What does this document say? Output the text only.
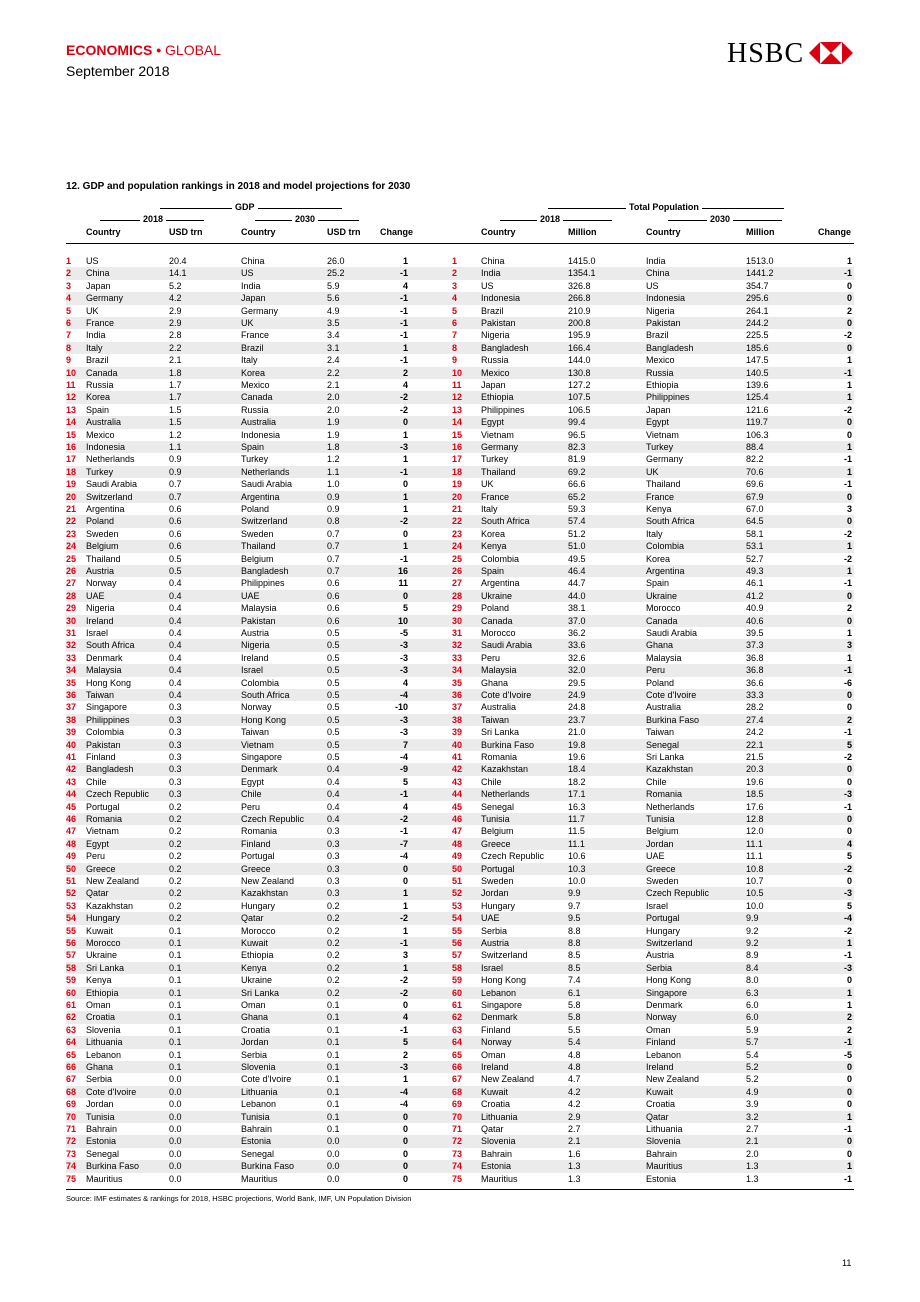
ECONOMICS • GLOBAL
September 2018
HSBC
12. GDP and population rankings in 2018 and model projections for 2030
GDP
2018	2030
Total Population
2018	2030
Country	USD trn	Country	USD trn Change	Country	Million	Country	Million	Change
1 US	20.4	China	26.0	1	1	China	1415.0	India	1513.0	1
2 China	14.1	US	25.2	-1	2	India	1354.1	China	1441.2	-1
3 Japan	5.2	India	5.9	4	3	US	326.8	US	354.7	0
4 Germany	4.2	Japan	5.6	-1	4	Indonesia	266.8	Indonesia	295.6	0
5 UK	2.9	Germany	4.9	-1	5	Brazil	210.9	Nigeria	264.1	2
6 France	2.9	UK	3.5	-1	6	Pakistan	200.8	Pakistan	244.2	0
7 India	2.8	France	3.4	-1	7	Nigeria	195.9	Brazil	225.5	-2
8 Italy	2.2	Brazil	3.1	1	8	Bangladesh	166.4	Bangladesh	185.6	0
9 Brazil	2.1	Italy	2.4	-1	9	Russia	144.0	Mexico	147.5	1
10 Canada	1.8	Korea	2.2	2	10 Mexico	130.8	Russia	140.5	-1
11 Russia	1.7	Mexico	2.1	4	11 Japan	127.2	Ethiopia	139.6	1
12 Korea	1.7	Canada	2.0	-2	12 Ethiopia	107.5	Philippines	125.4	1
13 Spain	1.5	Russia	2.0	-2	13 Philippines	106.5	Japan	121.6	-2
14 Australia	1.5	Australia	1.9	0	14 Egypt	99.4	Egypt	119.7	0
15 Mexico	1.2	Indonesia	1.9	1	15 Vietnam	96.5	Vietnam	106.3	0
16 Indonesia	1.1	Spain	1.8	-3	16 Germany	82.3	Turkey	88.4	1
17 Netherlands	0.9	Turkey	1.2	1	17 Turkey	81.9	Germany	82.2	-1
18 Turkey	0.9	Netherlands	1.1	-1	18 Thailand	69.2	UK	70.6	1
19 Saudi Arabia	0.7	Saudi Arabia	1.0	0	19 UK	66.6	Thailand	69.6	-1
20 Switzerland	0.7	Argentina	0.9	1	20 France	65.2	France	67.9	0
21 Argentina	0.6	Poland	0.9	1	21 Italy	59.3	Kenya	67.0	3
22 Poland	0.6	Switzerland	0.8	-2	22 South Africa	57.4	South Africa	64.5	0
23 Sweden	0.6	Sweden	0.7	0	23 Korea	51.2	Italy	58.1	-2
24 Belgium	0.6	Thailand	0.7	1	24 Kenya	51.0	Colombia	53.1	1
25 Thailand	0.5	Belgium	0.7	-1	25 Colombia	49.5	Korea	52.7	-2
26 Austria	0.5	Bangladesh	0.7	16	26 Spain	46.4	Argentina	49.3	1
27 Norway	0.4	Philippines	0.6	11	27 Argentina	44.7	Spain	46.1	-1
28 UAE	0.4	UAE	0.6	0	28 Ukraine	44.0	Ukraine	41.2	0
29 Nigeria	0.4	Malaysia	0.6	5	29 Poland	38.1	Morocco	40.9	2
30 Ireland	0.4	Pakistan	0.6	10	30 Canada	37.0	Canada	40.6	0
31 Israel	0.4	Austria	0.5	-5	31 Morocco	36.2	Saudi Arabia	39.5	1
32 South Africa	0.4	Nigeria	0.5	-3	32 Saudi Arabia	33.6	Ghana	37.3	3
33 Denmark	0.4	Ireland	0.5	-3	33 Peru	32.6	Malaysia	36.8	1
34 Malaysia	0.4	Israel	0.5	-3	34 Malaysia	32.0	Peru	36.8	-1
35 Hong Kong	0.4	Colombia	0.5	4	35 Ghana	29.5	Poland	36.6	-6
36 Taiwan	0.4	South Africa	0.5	-4	36 Cote d'Ivoire	24.9	Cote d'Ivoire	33.3	0
37 Singapore	0.3	Norway	0.5	-10	37 Australia	24.8	Australia	28.2	0
38 Philippines	0.3	Hong Kong	0.5	-3	38 Taiwan	23.7	Burkina Faso	27.4	2
39 Colombia	0.3	Taiwan	0.5	-3	39 Sri Lanka	21.0	Taiwan	24.2	-1
40 Pakistan	0.3	Vietnam	0.5	7	40 Burkina Faso	19.8	Senegal	22.1	5
41 Finland	0.3	Singapore	0.5	-4	41 Romania	19.6	Sri Lanka	21.5	-2
42 Bangladesh	0.3	Denmark	0.4	-9	42 Kazakhstan	18.4	Kazakhstan	20.3	0
43 Chile	0.3	Egypt	0.4	5	43 Chile	18.2	Chile	19.6	0
44 Czech Republic 0.3	Chile	0.4	-1	44 Netherlands	17.1	Romania	18.5	-3
45 Portugal	0.2	Peru	0.4	4	45 Senegal	16.3	Netherlands	17.6	-1
46 Romania	0.2	Czech Republic	0.4	-2	46 Tunisia	11.7	Tunisia	12.8	0
47 Vietnam	0.2	Romania	0.3	-1	47 Belgium	11.5	Belgium	12.0	0
48 Egypt	0.2	Finland	0.3	-7	48 Greece	11.1	Jordan	11.1	4
49 Peru	0.2	Portugal	0.3	-4	49 Czech Republic	10.6	UAE	11.1	5
50 Greece	0.2	Greece	0.3	0	50 Portugal	10.3	Greece	10.8	-2
51 New Zealand	0.2	New Zealand	0.3	0	51 Sweden	10.0	Sweden	10.7	0
52 Qatar	0.2	Kazakhstan	0.3	1	52 Jordan	9.9	Czech Republic	10.5	-3
53 Kazakhstan	0.2	Hungary	0.2	1	53 Hungary	9.7	Israel	10.0	5
54 Hungary	0.2	Qatar	0.2	-2	54 UAE	9.5	Portugal	9.9	-4
55 Kuwait	0.1	Morocco	0.2	1	55 Serbia	8.8	Hungary	9.2	-2
56 Morocco	0.1	Kuwait	0.2	-1	56 Austria	8.8	Switzerland	9.2	1
57 Ukraine	0.1	Ethiopia	0.2	3	57 Switzerland	8.5	Austria	8.9	-1
58 Sri Lanka	0.1	Kenya	0.2	1	58 Israel	8.5	Serbia	8.4	-3
59 Kenya	0.1	Ukraine	0.2	-2	59 Hong Kong	7.4	Hong Kong	8.0	0
60 Ethiopia	0.1	Sri Lanka	0.2	-2	60 Lebanon	6.1	Singapore	6.3	1
61 Oman	0.1	Oman	0.1	0	61 Singapore	5.8	Denmark	6.0	1
62 Croatia	0.1	Ghana	0.1	4	62 Denmark	5.8	Norway	6.0	2
63 Slovenia	0.1	Croatia	0.1	-1	63 Finland	5.5	Oman	5.9	2
64 Lithuania	0.1	Jordan	0.1	5	64 Norway	5.4	Finland	5.7	-1
65 Lebanon	0.1	Serbia	0.1	2	65 Oman	4.8	Lebanon	5.4	-5
66 Ghana	0.1	Slovenia	0.1	-3	66 Ireland	4.8	Ireland	5.2	0
67 Serbia	0.0	Cote d'Ivoire	0.1	1	67 New Zealand	4.7	New Zealand	5.2	0
68 Cote d'Ivoire	0.0	Lithuania	0.1	-4	68 Kuwait	4.2	Kuwait	4.9	0
69 Jordan	0.0	Lebanon	0.1	-4	69 Croatia	4.2	Croatia	3.9	0
70 Tunisia	0.0	Tunisia	0.1	0	70 Lithuania	2.9	Qatar	3.2	1
71 Bahrain	0.0	Bahrain	0.1	0	71 Qatar	2.7	Lithuania	2.7	-1
72 Estonia	0.0	Estonia	0.0	0	72 Slovenia	2.1	Slovenia	2.1	0
73 Senegal	0.0	Senegal	0.0	0	73 Bahrain	1.6	Bahrain	2.0	0
74 Burkina Faso	0.0	Burkina Faso	0.0	0	74 Estonia	1.3	Mauritius	1.3	1
75 Mauritius	0.0	Mauritius	0.0	0	75 Mauritius	1.3	Estonia	1.3	-1
Source: IMF estimates & rankings for 2018, HSBC projections, World Bank, IMF, UN Population Division
11
